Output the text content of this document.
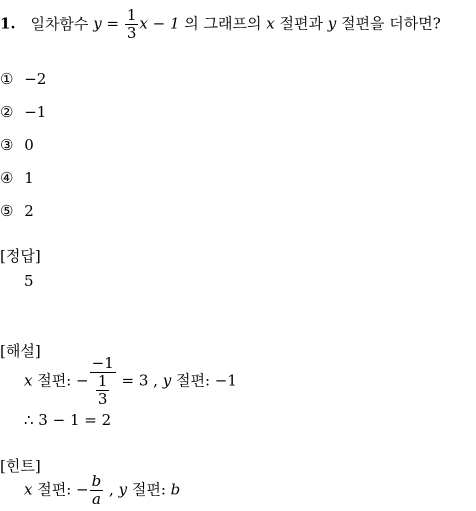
1. 일차함수 $y = \frac{1}{3}$ x − 1 의 그래프의 x 절편과 y 절편을 더하면?
① −2
② −1
③ 0
④ 1
⑤ 2
[정답]
5
[해설]
x 절편: − $\frac{-1}{\frac{1}{3}} = 3$ , y 절편: −1
∴ 3 − 1 = 2
[힌트]
x 절편: − $\frac{b}{a}$ , y 절편: b
